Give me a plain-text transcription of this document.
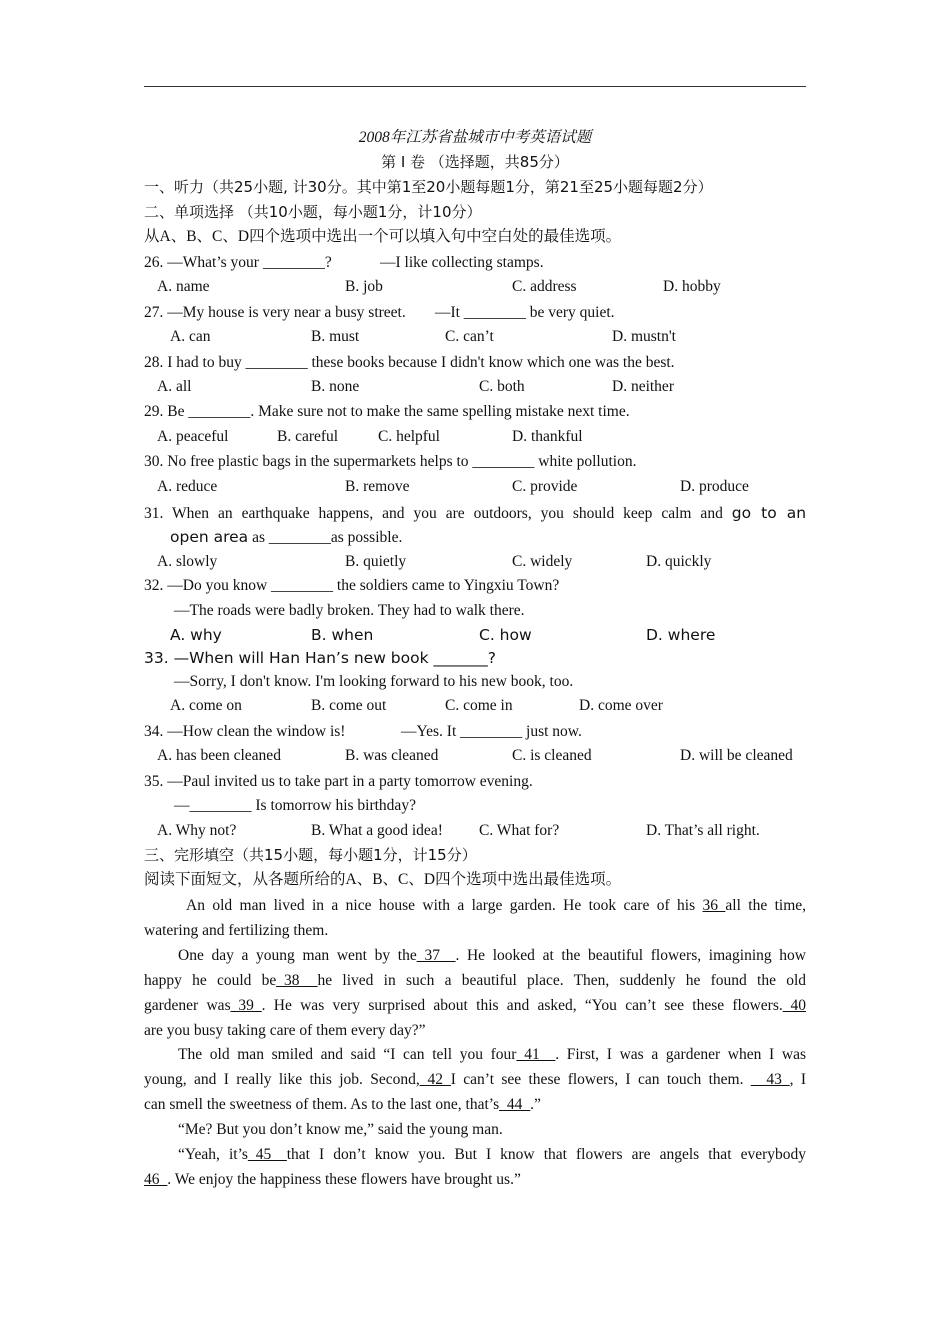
2008年江苏省盐城市中考英语试题
第 I 卷 （选择题，共85分）
一、听力（共25小题, 计30分。其中第1至20小题每题1分，第21至25小题每题2分）
二、单项选择 （共10小题，每小题1分，计10分）
从A、B、C、D四个选项中选出一个可以填入句中空白处的最佳选项。
26. —What’s your ________?	—I like collecting stamps.
A. name	B. job	C. address	D. hobby
27. —My house is very near a busy street. —It ________ be very quiet.
A. can	B. must	C. can’t	D. mustn't
28. I had to buy ________ these books because I didn't know which one was the best.
A. all	B. none	C. both	D. neither
29. Be ________. Make sure not to make the same spelling mistake next time.
A. peaceful	B. careful	C. helpful	D. thankful
30. No free plastic bags in the supermarkets helps to ________ white pollution.
A. reduce	B. remove	C. provide	D. produce
31. When an earthquake happens, and you are outdoors, you should keep calm and go to an
open area as ________as possible.
A. slowly	B. quietly	C. widely	D. quickly
32. —Do you know ________ the soldiers came to Yingxiu Town?
—The roads were badly broken. They had to walk there.
A. why	B. when	C. how	D. where
33. —When will Han Han’s new book _______?
—Sorry, I don't know. I'm looking forward to his new book, too.
A. come on	B. come out	C. come in	D. come over
34. —How clean the window is!	—Yes. It ________ just now.
A. has been cleaned	B. was cleaned	C. is cleaned	D. will be cleaned
35. —Paul invited us to take part in a party tomorrow evening.
—________ Is tomorrow his birthday?
A. Why not?	B. What a good idea! C. What for?	D. That’s all right.
三、完形填空（共15小题，每小题1分，计15分）
阅读下面短文，从各题所给的A、B、C、D四个选项中选出最佳选项。
An old man lived in a nice house with a large garden. He took care of his 36 all the time,
watering and fertilizing them.
One day a young man went by the_37__. He looked at the beautiful flowers, imagining how
happy he could be_38 _he lived in such a beautiful place. Then, suddenly he found the old
gardener was_39_. He was very surprised about this and asked, “You can’t see these flowers._40
are you busy taking care of them every day?”
The old man smiled and said “I can tell you four_41__. First, I was a gardener when I was
young, and I really like this job. Second,_42_I can’t see these flowers, I can touch them. __43_, I
can smell the sweetness of them. As to the last one, that’s_44_.”
“Me? But you don’t know me,” said the young man.
“Yeah, it’s_45__that I don’t know you. But I know that flowers are angels that everybody
46_. We enjoy the happiness these flowers have brought us.”
